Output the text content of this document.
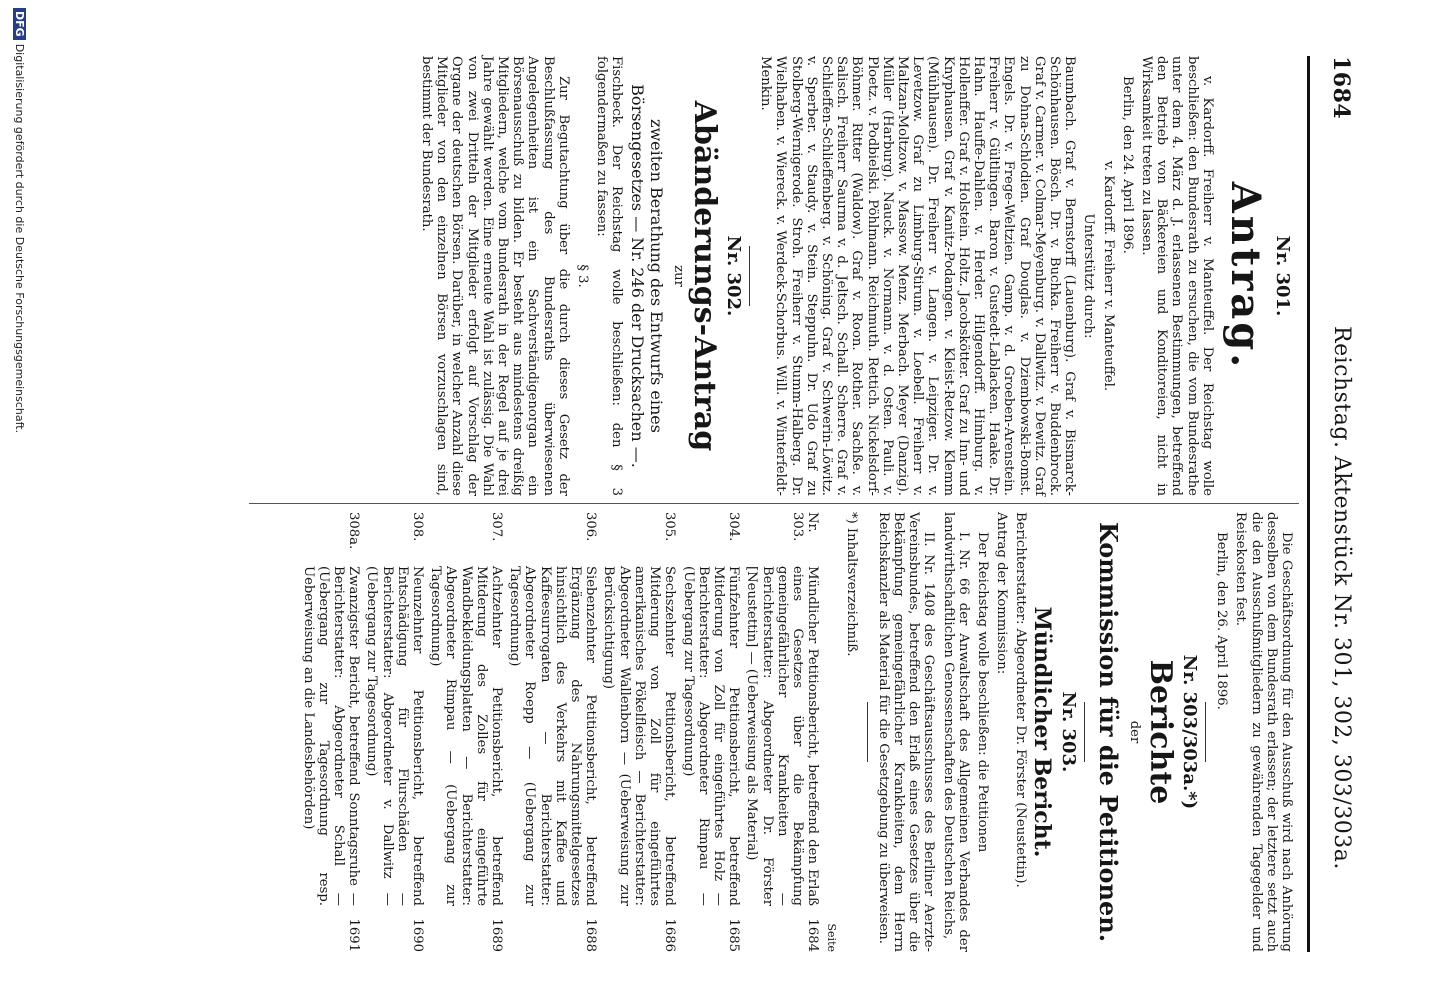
1684
Reichstag. Aktenstück Nr. 301, 302, 303/303a.
Nr. 301.
Antrag.

v. Kardorff. Freiherr v. Manteuffel. Der Reichstag wolle beschließen: den Bundesrath zu ersuchen, die vom Bundesrathe unter dem 4. März d. J. erlassenen Bestimmungen, betreffend den Betrieb von Bäckereien und Konditoreien, nicht in Wirksamkeit treten zu lassen.

Berlin, den 24. April 1896.

v. Kardorff. Freiherr v. Manteuffel.

Unterstützt durch:

Baumbach. Graf v. Bernstorff (Lauenburg). Graf v. Bismarck-Schönhausen. Bösch. Dr. v. Buchka. Freiherr v. Buddenbrock. Graf v. Carmer. v. Colmar-Meyenburg. v. Dallwitz. v. Dewitz. Graf zu Dohna-Schlodien. Graf Douglas. v. Dziembowski-Bomst. Engels. Dr. v. Frege-Weltzien. Gamp. v. d. Groeben-Arenstein. Freiherr v. Gültlingen. Baron v. Gustedt-Lablacken. Haake. Dr. Hahn. Hauffe-Dahlen. v. Herder. Hilgendorff. Himburg. v. Hollenffer. Graf v. Holstein. Holtz. Jacobskötter. Graf zu Inn- und Knyphausen. Graf v. Kanitz-Podangen. v. Kleist-Retzow. Klemm (Mühlhausen). Dr. Freiherr v. Langen. v. Leipziger. Dr. v. Levetzow. Graf zu Limburg-Stirum. v. Loebell. Freiherr v. Maltzan-Moltzow. v. Massow. Menz. Merbach. Meyer (Danzig). Müller (Harburg). Nauck. v. Normann. v. d. Osten. Pauli. v. Ploetz. v. Podbielski. Pöhlmann. Reichmuth. Rettich. Nickelsdorf-Böhmer. Ritter (Waldow). Graf v. Roon. Rother. Sachße. v. Salisch. Freiherr Saurma v. d. Jeltsch. Schall. Scherre. Graf v. Schlieffen-Schlieffenberg. v. Schöning. Graf v. Schwerin-Löwitz. v. Sperber. v. Staudy. v. Stein. Steppuhn. Dr. Udo Graf zu Stolberg-Wernigerode. Stroh. Freiherr v. Stumm-Halberg. Dr. Wielhaben. v. Wiereck. v. Werdeck-Schorbus. Will. v. Winterfeldt-Menkin.

Nr. 302.
Abänderungs-Antrag

zur

zweiten Berathung des Entwurfs eines Börsengesetzes — Nr. 246 der Drucksachen —.

Fischbeck. Der Reichstag wolle beschließen: den § 3 folgendermaßen zu fassen:

§ 3.

Zur Begutachtung über die durch dieses Gesetz der Beschlußfassung des Bundesraths überwiesenen Angelegenheiten ist ein Sachverständigenorgan ein Börsenausschuß zu bilden. Er besteht aus mindestens dreißig Mitgliedern, welche vom Bundesrath in der Regel auf je drei Jahre gewählt werden. Eine erneute Wahl ist zulässig. Die Wahl von zwei Dritteln der Mitglieder erfolgt auf Vorschlag der Organe der deutschen Börsen. Darüber, in welcher Anzahl diese Mitglieder von den einzelnen Börsen vorzuschlagen sind, bestimmt der Bundesrath.

Die Geschäftsordnung für den Ausschuß wird nach Anhörung desselben von dem Bundesrath erlassen; der letztere setzt auch die den Ausschußmitgliedern zu gewährenden Tagegelder und Reisekosten fest.

Berlin, den 26. April 1896.

Nr. 303/303a.*)
Berichte

der

Kommission für die Petitionen.
Nr. 303.
Mündlicher Bericht.

Berichterstatter: Abgeordneter Dr. Förster (Neustettin).

Antrag der Kommission:

Der Reichstag wolle beschließen: die Petitionen

I. Nr. 66 der Anwaltschaft des Allgemeinen Verbandes der landwirthschaftlichen Genossenschaften des Deutschen Reichs,

II. Nr. 1408 des Geschäftsausschusses des Berliner Aerzte-Vereinsbundes, betreffend den Erlaß eines Gesetzes über die Bekämpfung gemeingefährlicher Krankheiten, dem Herrn Reichskanzler als Material für die Gesetzgebung zu überweisen.

*) Inhaltsverzeichniß.

Seite

Nr. 303.
Mündlicher Petitionsbericht, betreffend den Erlaß eines Gesetzes über die Bekämpfung gemeingefährlicher Krankheiten — Berichterstatter: Abgeordneter Dr. Förster [Neustettin] — (Ueberweisung als Material)
1684
304.
Fünfzehnter Petitionsbericht, betreffend Mitderung von Zoll für eingeführtes Holz — Berichterstatter: Abgeordneter Rimpau — (Uebergang zur Tagesordnung)
1685
305.
Sechszehnter Petitionsbericht, betreffend Mitderung von Zoll für eingeführtes amerikanisches Pökelfleisch — Berichterstatter: Abgeordneter Wallenborn — (Ueberweisung zur Berücksichtigung)
1686
306.
Siebenzehnter Petitionsbericht, betreffend Ergänzung des Nahrungsmittelgesetzes hinsichtlich des Verkehrs mit Kaffee und Kaffeesurrogaten — Berichterstatter: Abgeordneter Roepp — (Uebergang zur Tagesordnung)
1688
307.
Achtzehnter Petitionsbericht, betreffend Mitderung des Zolles für eingeführte Wandbekleidungsplatten — Berichterstatter: Abgeordneter Rimpau — (Uebergang zur Tagesordnung)
1689
308.
Neunzehnter Petitionsbericht, betreffend Entschädigung für Flurschäden — Berichterstatter: Abgeordneter v. Dallwitz — (Uebergang zur Tagesordnung)
1690
308a.
Zwanzigster Bericht, betreffend Sonntagsruhe — Berichterstatter: Abgeordneter Schall — (Uebergang zur Tagesordnung resp. Ueberweisung an die Landesbehörden)
1691
DFGDigitalisierung gefördert durch die Deutsche Forschungsgemeinschaft.
